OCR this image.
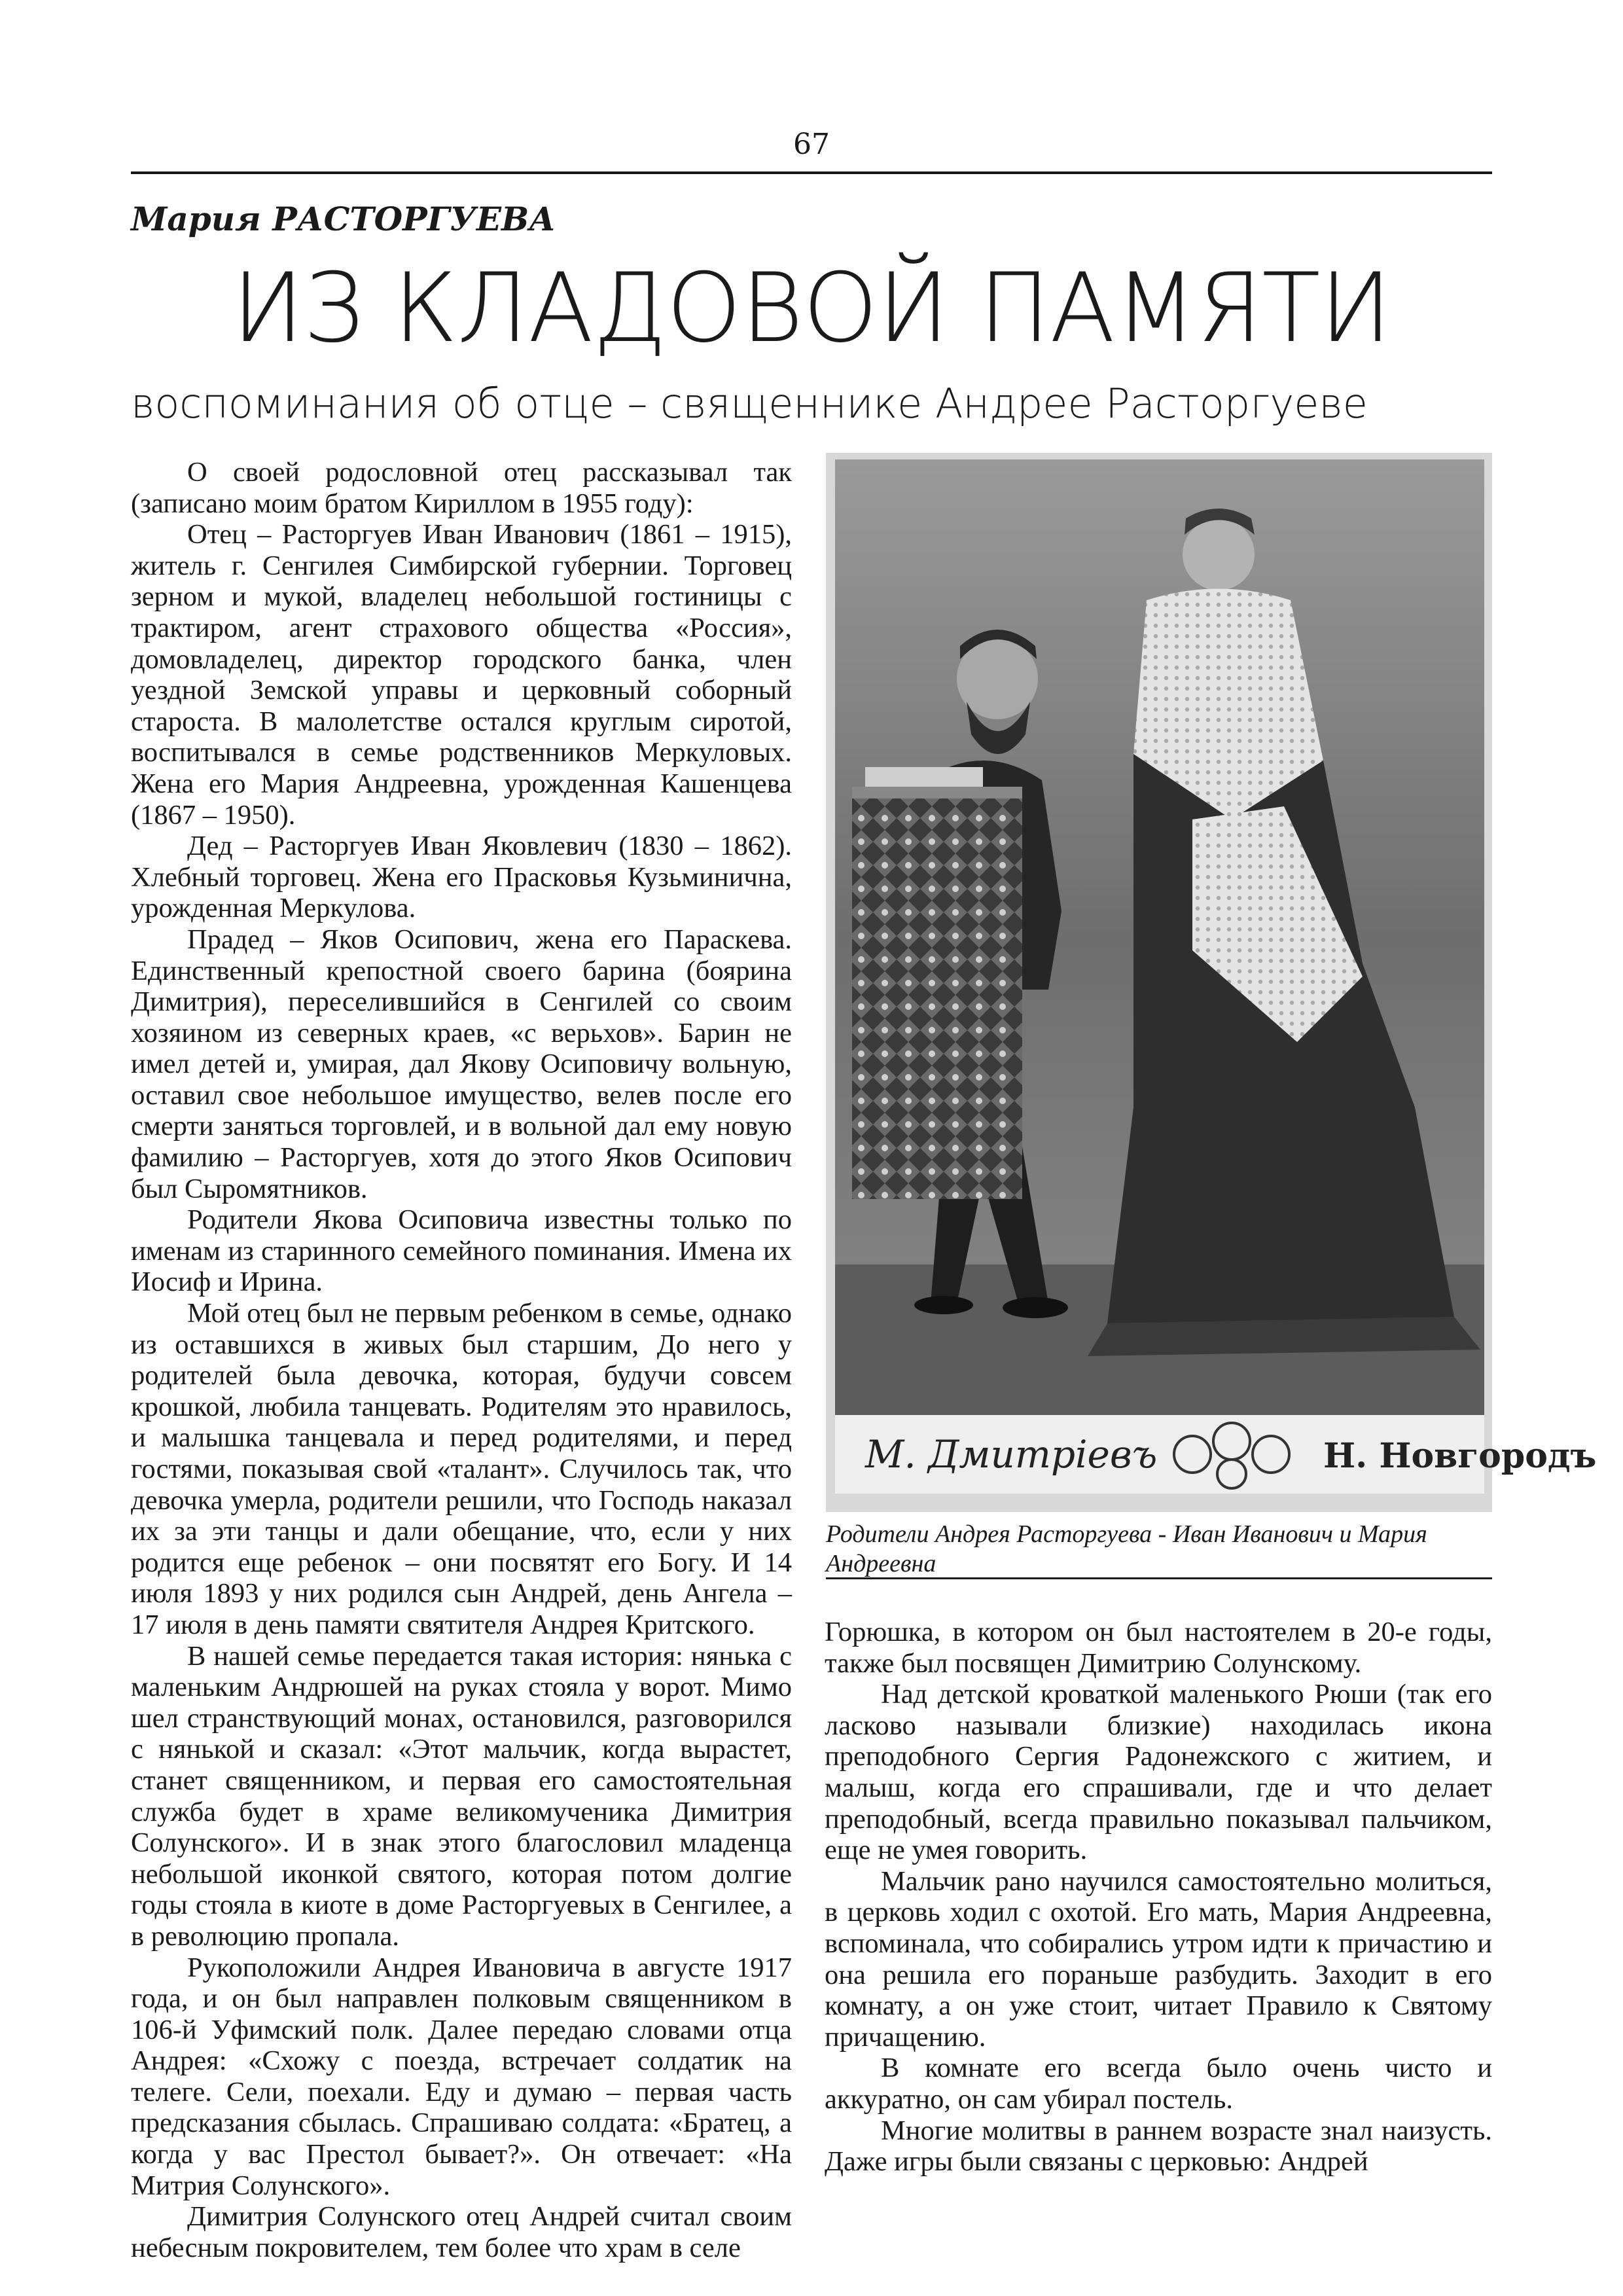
67
Мария РАСТОРГУЕВА
ИЗ КЛАДОВОЙ ПАМЯТИ
воспоминания об отце – священнике Андрее Расторгуеве

О своей родословной отец рассказывал так (записано моим братом Кириллом в 1955 году):

Отец – Расторгуев Иван Иванович (1861 – 1915), житель г. Сенгилея Симбирской губернии. Торговец зерном и мукой, владелец небольшой гостиницы с трактиром, агент страхового общества «Россия», домовладелец, директор городского банка, член уездной Земской управы и церковный соборный староста. В малолетстве остался круглым сиротой, воспитывался в семье родственников Меркуловых. Жена его Мария Андреевна, урожденная Кашенцева (1867 – 1950).

Дед – Расторгуев Иван Яковлевич (1830 – 1862). Хлебный торговец. Жена его Прасковья Кузьминична, урожденная Меркулова.

Прадед – Яков Осипович, жена его Параскева. Единственный крепостной своего барина (боярина Димитрия), переселившийся в Сенгилей со своим хозяином из северных краев, «с верьхов». Барин не имел детей и, умирая, дал Якову Осиповичу вольную, оставил свое небольшое имущество, велев после его смерти заняться торговлей, и в вольной дал ему новую фамилию – Расторгуев, хотя до этого Яков Осипович был Сыромятников.

Родители Якова Осиповича известны только по именам из старинного семейного поминания. Имена их Иосиф и Ирина.

Мой отец был не первым ребенком в семье, однако из оставшихся в живых был старшим, До него у родителей была девочка, которая, будучи совсем крошкой, любила танцевать. Родителям это нравилось, и малышка танцевала и перед родителями, и перед гостями, показывая свой «талант». Случилось так, что девочка умерла, родители решили, что Господь наказал их за эти танцы и дали обещание, что, если у них родится еще ребенок – они посвятят его Богу. И 14 июля 1893 у них родился сын Андрей, день Ангела – 17 июля в день памяти святителя Андрея Критского.

В нашей семье передается такая история: нянька с маленьким Андрюшей на руках стояла у ворот. Мимо шел странствующий монах, остановился, разговорился с нянькой и сказал: «Этот мальчик, когда вырастет, станет священником, и первая его самостоятельная служба будет в храме великомученика Димитрия Солунского». И в знак этого благословил младенца небольшой иконкой святого, которая потом долгие годы стояла в киоте в доме Расторгуевых в Сенгилее, а в революцию пропала.

Рукоположили Андрея Ивановича в августе 1917 года, и он был направлен полковым священником в 106-й Уфимский полк. Далее передаю словами отца Андрея: «Схожу с поезда, встречает солдатик на телеге. Сели, поехали. Еду и думаю – первая часть предсказания сбылась. Спрашиваю солдата: «Братец, а когда у вас Престол бывает?». Он отвечает: «На Митрия Солунского».

Димитрия Солунского отец Андрей считал своим небесным покровителем, тем более что храм в селе

М. Дмитрiевъ	Н. Новгородъ
Родители Андрея Расторгуева - Иван Иванович и Мария Андреевна

Горюшка, в котором он был настоятелем в 20-е годы, также был посвящен Димитрию Солунскому.

Над детской кроваткой маленького Рюши (так его ласково называли близкие) находилась икона преподобного Сергия Радонежского с житием, и малыш, когда его спрашивали, где и что делает преподобный, всегда правильно показывал пальчиком, еще не умея говорить.

Мальчик рано научился самостоятельно молиться, в церковь ходил с охотой. Его мать, Мария Андреевна, вспоминала, что собирались утром идти к причастию и она решила его пораньше разбудить. Заходит в его комнату, а он уже стоит, читает Правило к Святому причащению.

В комнате его всегда было очень чисто и аккуратно, он сам убирал постель.

Многие молитвы в раннем возрасте знал наизусть. Даже игры были связаны с церковью: Андрей
